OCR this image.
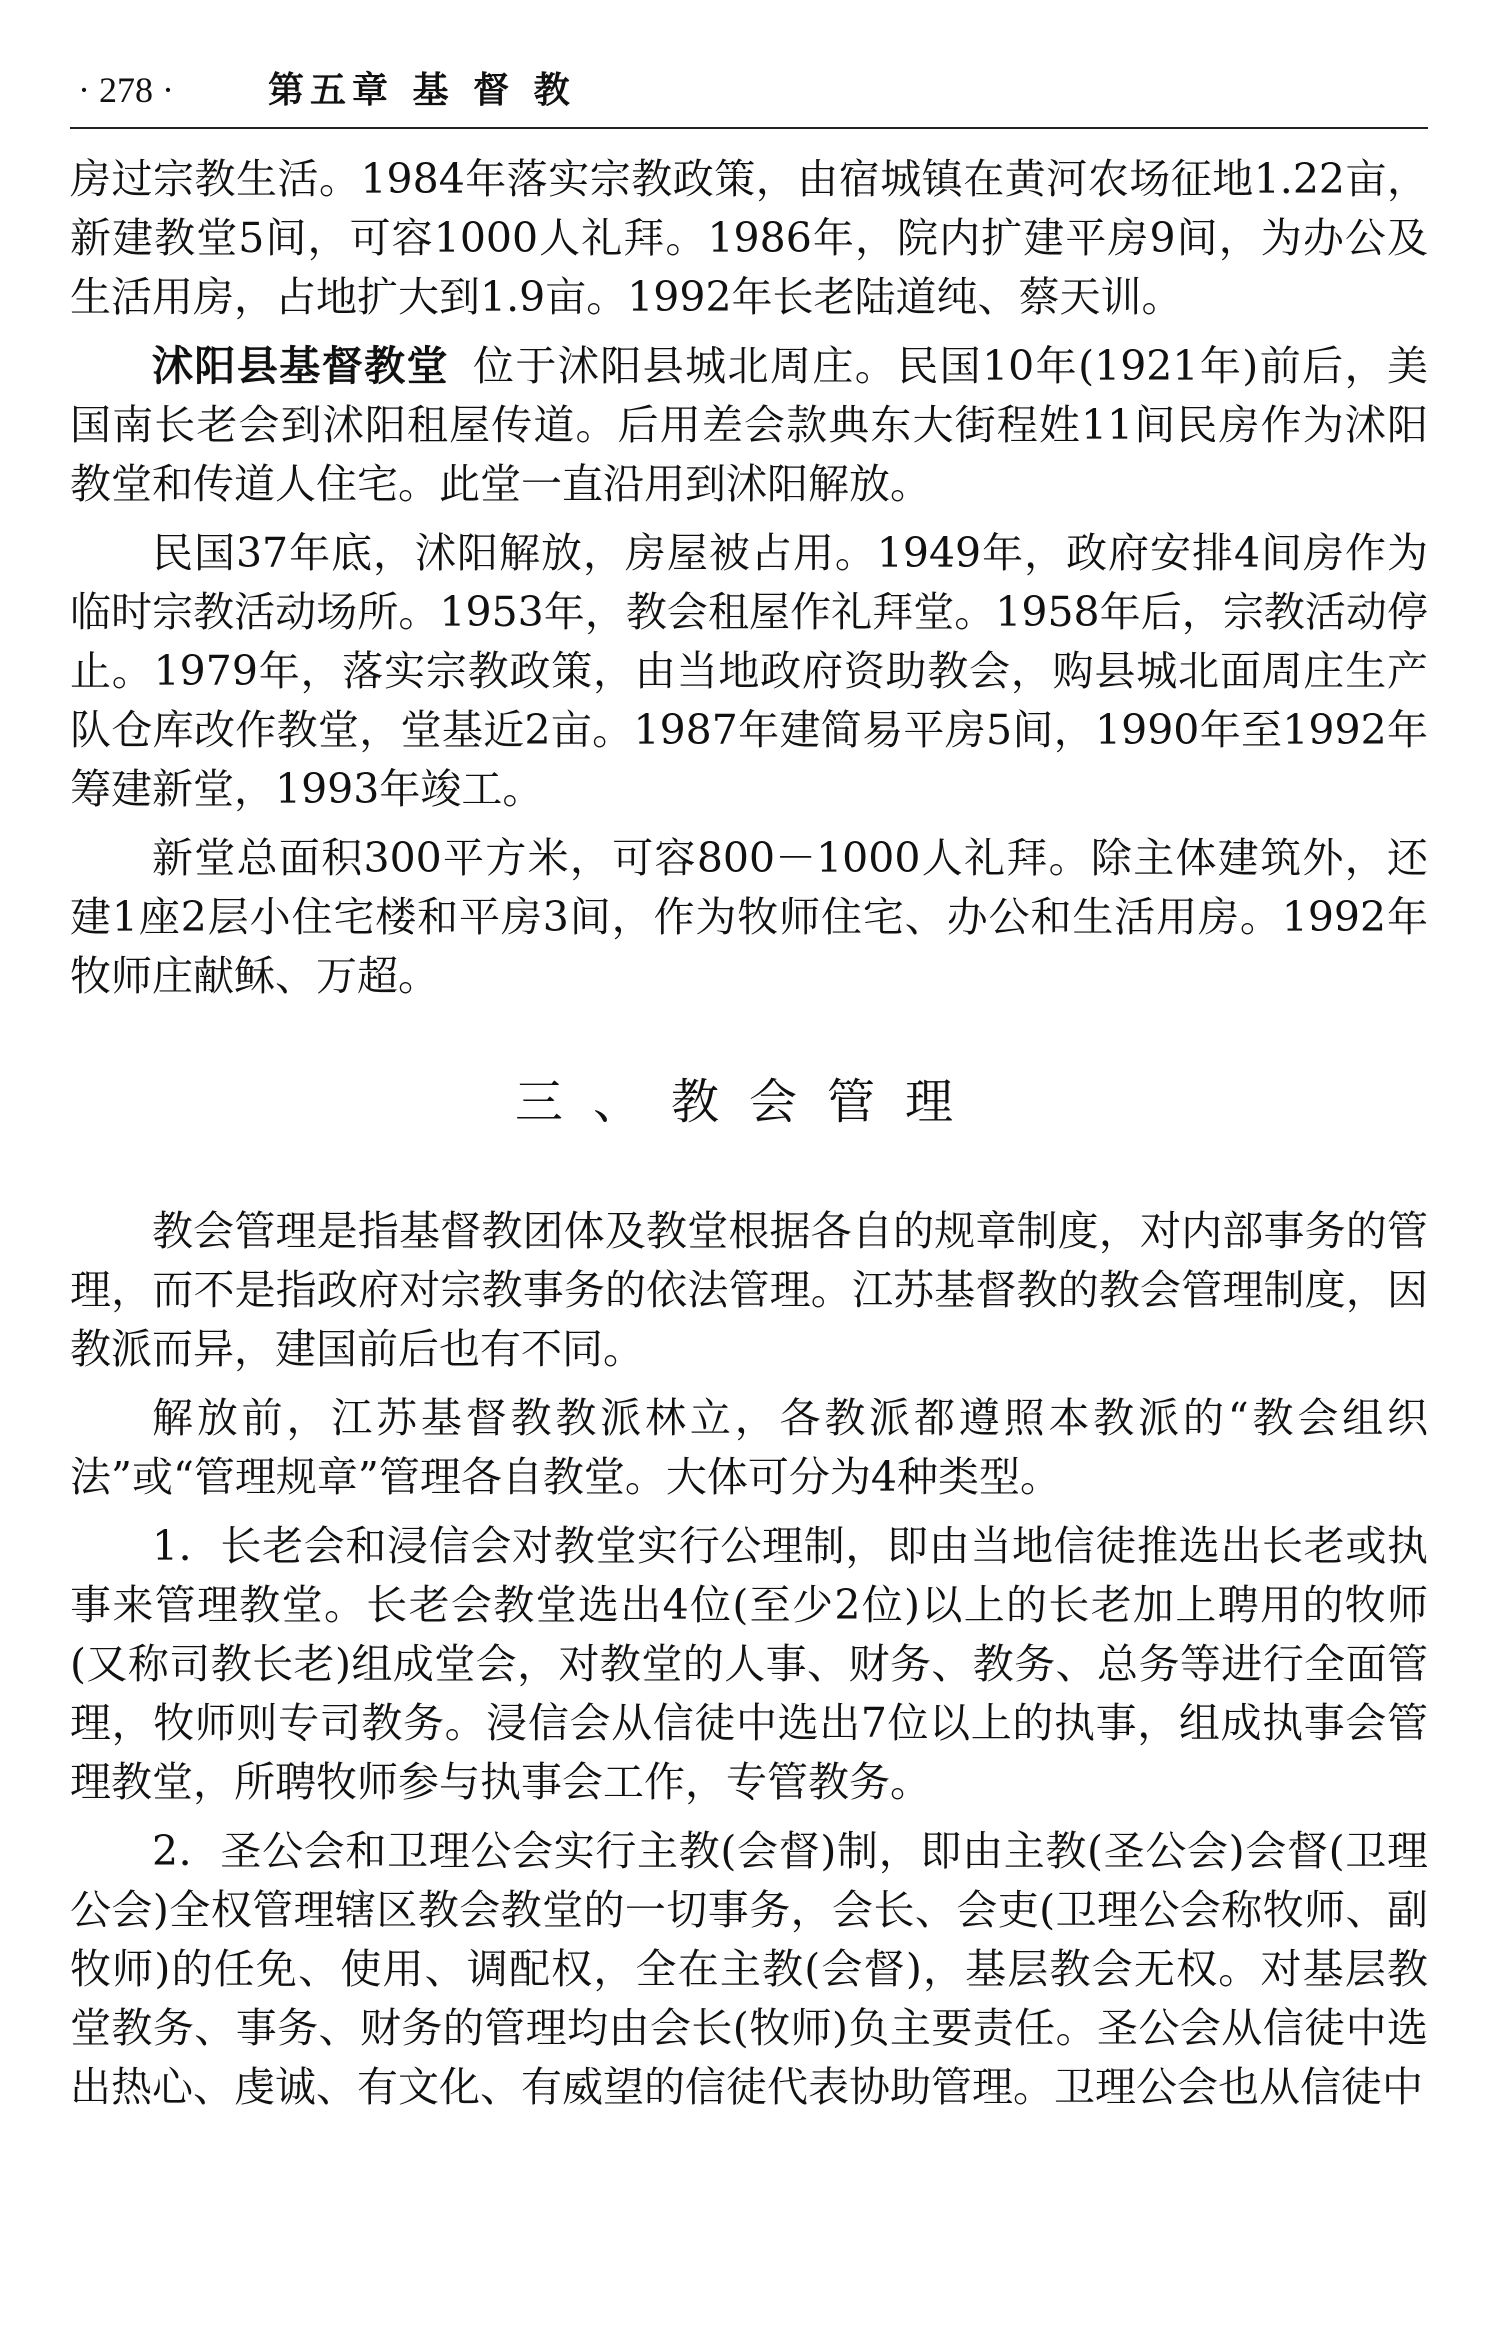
· 278 ·	第五章 基 督 教

房过宗教生活。1984年落实宗教政策，由宿城镇在黄河农场征地1.22亩，新建教堂5间，可容1000人礼拜。1986年，院内扩建平房9间，为办公及生活用房，占地扩大到1.9亩。1992年长老陆道纯、蔡天训。

沭阳县基督教堂 位于沭阳县城北周庄。民国10年(1921年)前后，美国南长老会到沭阳租屋传道。后用差会款典东大街程姓11间民房作为沭阳教堂和传道人住宅。此堂一直沿用到沭阳解放。

民国37年底，沭阳解放，房屋被占用。1949年，政府安排4间房作为临时宗教活动场所。1953年，教会租屋作礼拜堂。1958年后，宗教活动停止。1979年，落实宗教政策，由当地政府资助教会，购县城北面周庄生产队仓库改作教堂，堂基近2亩。1987年建简易平房5间，1990年至1992年筹建新堂，1993年竣工。

新堂总面积300平方米，可容800－1000人礼拜。除主体建筑外，还建1座2层小住宅楼和平房3间，作为牧师住宅、办公和生活用房。1992年牧师庄献稣、万超。

三、教会管理

教会管理是指基督教团体及教堂根据各自的规章制度，对内部事务的管理，而不是指政府对宗教事务的依法管理。江苏基督教的教会管理制度，因教派而异，建国前后也有不同。

解放前，江苏基督教教派林立，各教派都遵照本教派的“教会组织法”或“管理规章”管理各自教堂。大体可分为4种类型。

1．长老会和浸信会对教堂实行公理制，即由当地信徒推选出长老或执事来管理教堂。长老会教堂选出4位(至少2位)以上的长老加上聘用的牧师(又称司教长老)组成堂会，对教堂的人事、财务、教务、总务等进行全面管理，牧师则专司教务。浸信会从信徒中选出7位以上的执事，组成执事会管理教堂，所聘牧师参与执事会工作，专管教务。

2．圣公会和卫理公会实行主教(会督)制，即由主教(圣公会)会督(卫理公会)全权管理辖区教会教堂的一切事务，会长、会吏(卫理公会称牧师、副牧师)的任免、使用、调配权，全在主教(会督)，基层教会无权。对基层教堂教务、事务、财务的管理均由会长(牧师)负主要责任。圣公会从信徒中选出热心、虔诚、有文化、有威望的信徒代表协助管理。卫理公会也从信徒中
